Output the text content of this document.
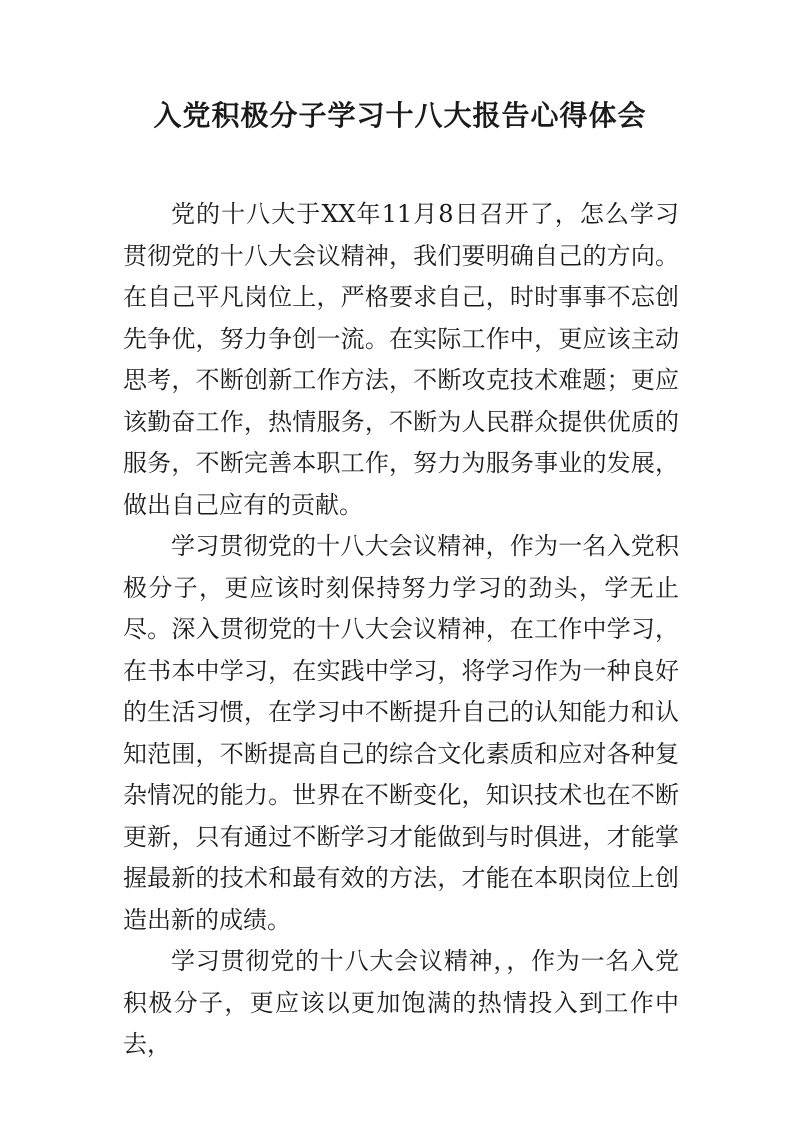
入党积极分子学习十八大报告心得体会

党的十八大于XX年11月8日召开了，怎么学习贯彻党的十八大会议精神，我们要明确自己的方向。在自己平凡岗位上，严格要求自己，时时事事不忘创先争优，努力争创一流。在实际工作中，更应该主动思考，不断创新工作方法，不断攻克技术难题；更应该勤奋工作，热情服务，不断为人民群众提供优质的服务，不断完善本职工作，努力为服务事业的发展，做出自己应有的贡献。

学习贯彻党的十八大会议精神，作为一名入党积极分子，更应该时刻保持努力学习的劲头，学无止尽。深入贯彻党的十八大会议精神，在工作中学习，在书本中学习，在实践中学习，将学习作为一种良好的生活习惯，在学习中不断提升自己的认知能力和认知范围，不断提高自己的综合文化素质和应对各种复杂情况的能力。世界在不断变化，知识技术也在不断更新，只有通过不断学习才能做到与时俱进，才能掌握最新的技术和最有效的方法，才能在本职岗位上创造出新的成绩。

学习贯彻党的十八大会议精神，，作为一名入党积极分子，更应该以更加饱满的热情投入到工作中去，
